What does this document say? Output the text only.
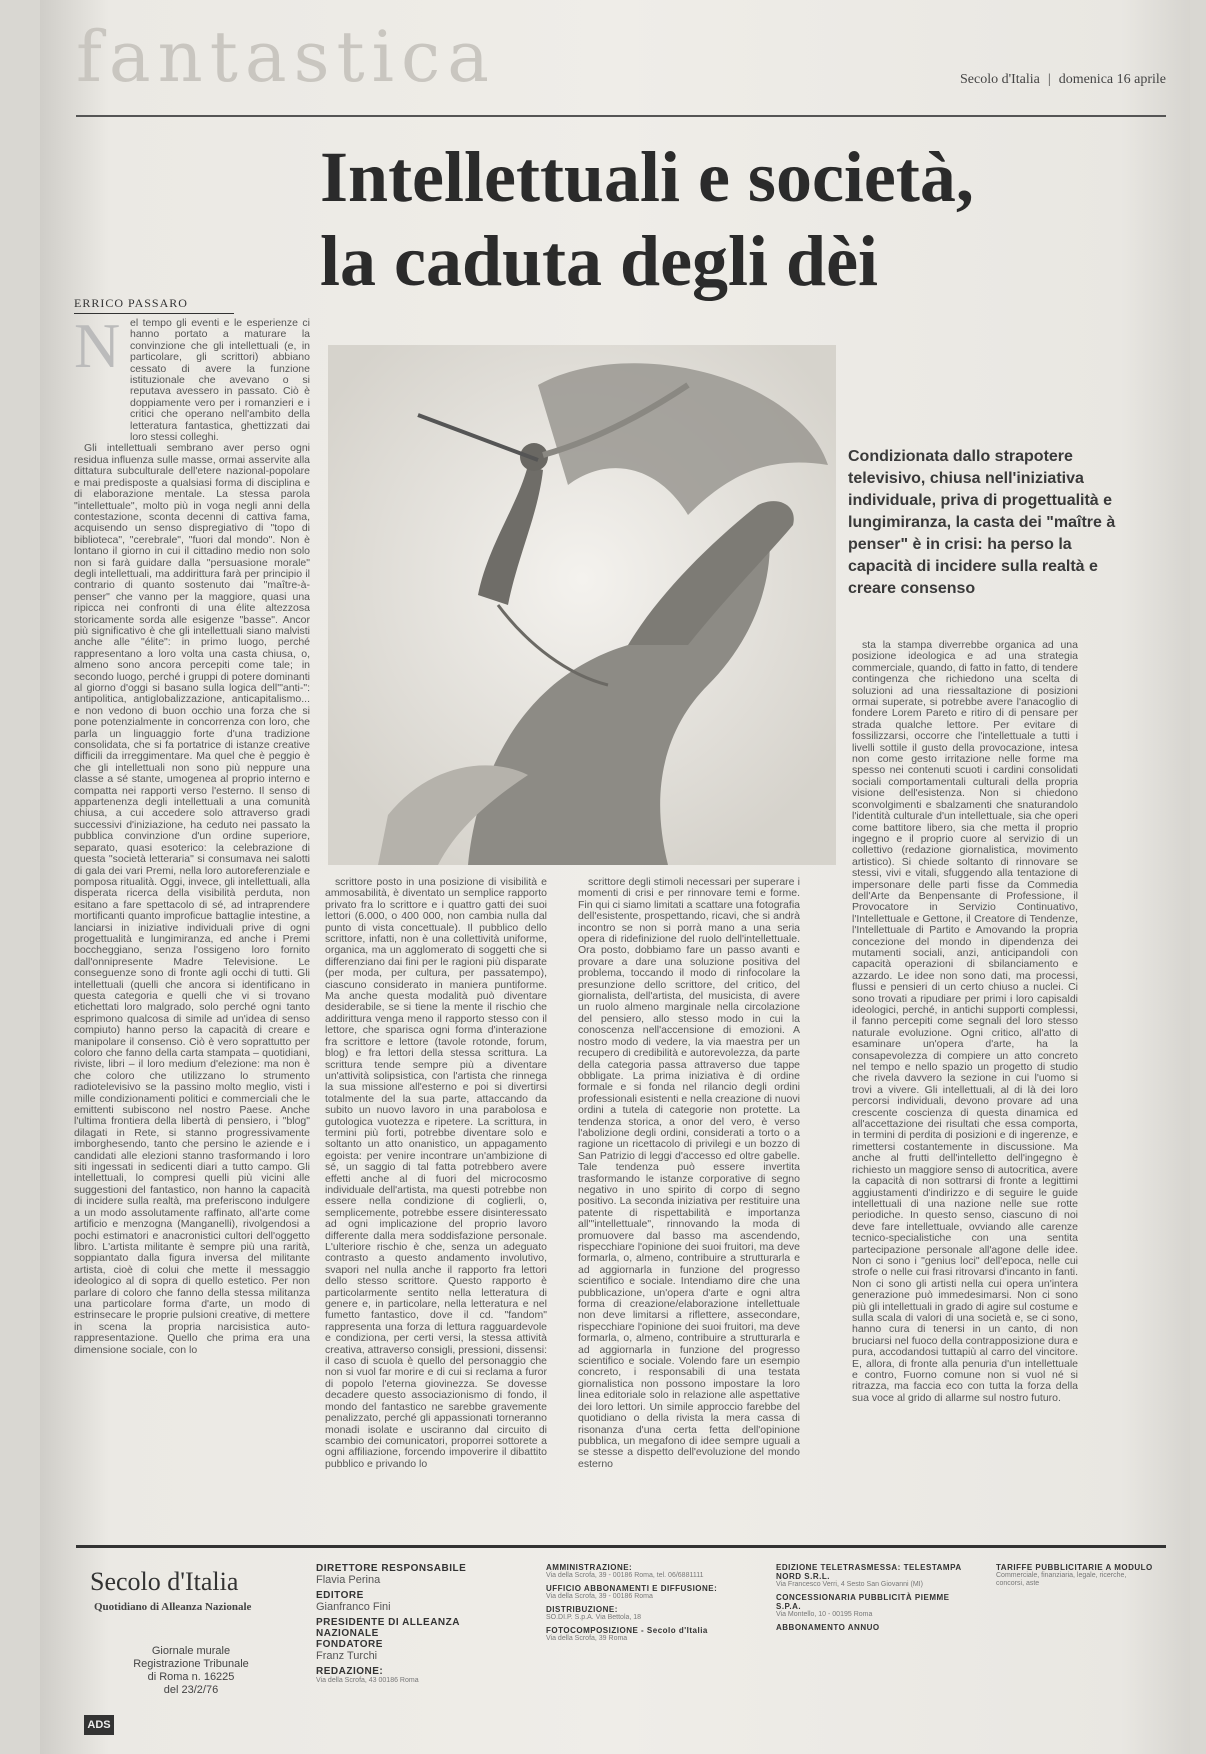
fantastica	Secolo d'Italia | domenica 16 aprile
Intellettuali e società,
la caduta degli dèi
ERRICO PASSARO
N el tempo gli eventi e le esperienze ci hanno portato a maturare la convinzione che gli intellettuali (e, in particolare, gli scrittori) abbiano cessato di avere la funzione istituzionale che avevano o si reputava avessero in passato. Ciò è doppiamente vero per i romanzieri e i critici che operano nell'ambito della letteratura fantastica, ghettizzati dai loro stessi colleghi.

Gli intellettuali sembrano aver perso ogni residua influenza sulle masse, ormai asservite alla dittatura subculturale dell'etere nazional-popolare e mai predisposte a qualsiasi forma di disciplina e di elaborazione mentale. La stessa parola "intellettuale", molto più in voga negli anni della contestazione, sconta decenni di cattiva fama, acquisendo un senso dispregiativo di "topo di biblioteca", "cerebrale", "fuori dal mondo". Non è lontano il giorno in cui il cittadino medio non solo non si farà guidare dalla "persuasione morale" degli intellettuali, ma addirittura farà per principio il contrario di quanto sostenuto dai "maître-à-penser" che vanno per la maggiore, quasi una ripicca nei confronti di una élite altezzosa storicamente sorda alle esigenze "basse". Ancor più significativo è che gli intellettuali siano malvisti anche alle "élite": in primo luogo, perché rappresentano a loro volta una casta chiusa, o, almeno sono ancora percepiti come tale; in secondo luogo, perché i gruppi di potere dominanti al giorno d'oggi si basano sulla logica dell'"anti-": antipolitica, antiglobalizzazione, anticapitalismo... e non vedono di buon occhio una forza che si pone potenzialmente in concorrenza con loro, che parla un linguaggio forte d'una tradizione consolidata, che si fa portatrice di istanze creative difficili da irreggimentare. Ma quel che è peggio è che gli intellettuali non sono più neppure una classe a sé stante, umogenea al proprio interno e compatta nei rapporti verso l'esterno. Il senso di appartenenza degli intellettuali a una comunità chiusa, a cui accedere solo attraverso gradi successivi d'iniziazione, ha ceduto nei passato la pubblica convinzione d'un ordine superiore, separato, quasi esoterico: la celebrazione di questa "società letteraria" si consumava nei salotti di gala dei vari Premi, nella loro autoreferenziale e pomposa ritualità. Oggi, invece, gli intellettuali, alla disperata ricerca della visibilità perduta, non esitano a fare spettacolo di sé, ad intraprendere mortificanti quanto improficue battaglie intestine, a lanciarsi in iniziative individuali prive di ogni progettualità e lungimiranza, ed anche i Premi boccheggiano, senza l'ossigeno loro fornito dall'onnipresente Madre Televisione. Le conseguenze sono di fronte agli occhi di tutti. Gli intellettuali (quelli che ancora si identificano in questa categoria e quelli che vi si trovano etichettati loro malgrado, solo perché ogni tanto esprimono qualcosa di simile ad un'idea di senso compiuto) hanno perso la capacità di creare e manipolare il consenso. Ciò è vero soprattutto per coloro che fanno della carta stampata – quotidiani, riviste, libri – il loro medium d'elezione: ma non è che coloro che utilizzano lo strumento radiotelevisivo se la passino molto meglio, visti i mille condizionamenti politici e commerciali che le emittenti subiscono nel nostro Paese. Anche l'ultima frontiera della libertà di pensiero, i "blog" dilagati in Rete, si stanno progressivamente imborghesendo, tanto che persino le aziende e i candidati alle elezioni stanno trasformando i loro siti ingessati in sedicenti diari a tutto campo. Gli intellettuali, lo compresi quelli più vicini alle suggestioni del fantastico, non hanno la capacità di incidere sulla realtà, ma preferiscono indulgere a un modo assolutamente raffinato, all'arte come artificio e menzogna (Manganelli), rivolgendosi a pochi estimatori e anacronistici cultori dell'oggetto libro. L'artista militante è sempre più una rarità, soppiantato dalla figura inversa del militante artista, cioè di colui che mette il messaggio ideologico al di sopra di quello estetico. Per non parlare di coloro che fanno della stessa militanza una particolare forma d'arte, un modo di estrinsecare le proprie pulsioni creative, di mettere in scena la propria narcisistica auto-rappresentazione. Quello che prima era una dimensione sociale, con lo

Condizionata dallo strapotere televisivo, chiusa nell'iniziativa individuale, priva di progettualità e lungimiranza, la casta dei "maître à penser" è in crisi: ha perso la capacità di incidere sulla realtà e creare consenso

scrittore posto in una posizione di visibilità e ammosabilità, è diventato un semplice rapporto privato fra lo scrittore e i quattro gatti dei suoi lettori (6.000, o 400 000, non cambia nulla dal punto di vista concettuale). Il pubblico dello scrittore, infatti, non è una collettività uniforme, organica, ma un agglomerato di soggetti che si differenziano dai fini per le ragioni più disparate (per moda, per cultura, per passatempo), ciascuno considerato in maniera puntiforme. Ma anche questa modalità può diventare desiderabile, se si tiene la mente il rischio che addirittura venga meno il rapporto stesso con il lettore, che sparisca ogni forma d'interazione fra scrittore e lettore (tavole rotonde, forum, blog) e fra lettori della stessa scrittura. La scrittura tende sempre più a diventare un'attività solipsistica, con l'artista che rinnega la sua missione all'esterno e poi si divertirsi totalmente del la sua parte, attaccando da subito un nuovo lavoro in una parabolosa e gutologica vuotezza e ripetere. La scrittura, in termini più forti, potrebbe diventare solo e soltanto un atto onanistico, un appagamento egoista: per venire incontrare un'ambizione di sé, un saggio di tal fatta potrebbero avere effetti anche al di fuori del microcosmo individuale dell'artista, ma questi potrebbe non essere nella condizione di coglierli, o, semplicemente, potrebbe essere disinteressato ad ogni implicazione del proprio lavoro differente dalla mera soddisfazione personale. L'ulteriore rischio è che, senza un adeguato contrasto a questo andamento involutivo, svapori nel nulla anche il rapporto fra lettori dello stesso scrittore. Questo rapporto è particolarmente sentito nella letteratura di genere e, in particolare, nella letteratura e nel fumetto fantastico, dove il cd. "fandom" rappresenta una forza di lettura ragguardevole e condiziona, per certi versi, la stessa attività creativa, attraverso consigli, pressioni, dissensi: il caso di scuola è quello del personaggio che non si vuol far morire e di cui si reclama a furor di popolo l'eterna giovinezza. Se dovesse decadere questo associazionismo di fondo, il mondo del fantastico ne sarebbe gravemente penalizzato, perché gli appassionati torneranno monadi isolate e usciranno dal circuito di scambio dei comunicatori, proporrei sottorete a ogni affiliazione, forcendo impoverire il dibattito pubblico e privando lo

scrittore degli stimoli necessari per superare i momenti di crisi e per rinnovare temi e forme. Fin qui ci siamo limitati a scattare una fotografia dell'esistente, prospettando, ricavi, che si andrà incontro se non si porrà mano a una seria opera di ridefinizione del ruolo dell'intellettuale. Ora posto, dobbiamo fare un passo avanti e provare a dare una soluzione positiva del problema, toccando il modo di rinfocolare la presunzione dello scrittore, del critico, del giornalista, dell'artista, del musicista, di avere un ruolo almeno marginale nella circolazione del pensiero, allo stesso modo in cui la conoscenza nell'accensione di emozioni. A nostro modo di vedere, la via maestra per un recupero di credibilità e autorevolezza, da parte della categoria passa attraverso due tappe obbligate. La prima iniziativa è di ordine formale e si fonda nel rilancio degli ordini professionali esistenti e nella creazione di nuovi ordini a tutela di categorie non protette. La tendenza storica, a onor del vero, è verso l'abolizione degli ordini, considerati a torto o a ragione un ricettacolo di privilegi e un bozzo di San Patrizio di leggi d'accesso ed oltre gabelle. Tale tendenza può essere invertita trasformando le istanze corporative di segno negativo in uno spirito di corpo di segno positivo. La seconda iniziativa per restituire una patente di rispettabilità e importanza all'"intellettuale", rinnovando la moda di promuovere dal basso ma ascendendo, rispecchiare l'opinione dei suoi fruitori, ma deve formarla, o, almeno, contribuire a strutturarla e ad aggiornarla in funzione del progresso scientifico e sociale. Intendiamo dire che una pubblicazione, un'opera d'arte e ogni altra forma di creazione/elaborazione intellettuale non deve limitarsi a riflettere, assecondare, rispecchiare l'opinione dei suoi fruitori, ma deve formarla, o, almeno, contribuire a strutturarla e ad aggiornarla in funzione del progresso scientifico e sociale. Volendo fare un esempio concreto, i responsabili di una testata giornalistica non possono impostare la loro linea editoriale solo in relazione alle aspettative dei loro lettori. Un simile approccio farebbe del quotidiano o della rivista la mera cassa di risonanza d'una certa fetta dell'opinione pubblica, un megafono di idee sempre uguali a se stesse a dispetto dell'evoluzione del mondo esterno

sta la stampa diverrebbe organica ad una posizione ideologica e ad una strategia commerciale, quando, di fatto in fatto, di tendere contingenza che richiedono una scelta di soluzioni ad una riessaltazione di posizioni ormai superate, si potrebbe avere l'anacoglio di fondere Lorem Pareto e ritiro di di pensare per strada qualche lettore. Per evitare di fossilizzarsi, occorre che l'intellettuale a tutti i livelli sottile il gusto della provocazione, intesa non come gesto irritazione nelle forme ma spesso nei contenuti scuoti i cardini consolidati sociali comportamentali culturali della propria visione dell'esistenza. Non si chiedono sconvolgimenti e sbalzamenti che snaturandolo l'identità culturale d'un intellettuale, sia che operi come battitore libero, sia che metta il proprio ingegno e il proprio cuore al servizio di un collettivo (redazione giornalistica, movimento artistico). Si chiede soltanto di rinnovare se stessi, vivi e vitali, sfuggendo alla tentazione di impersonare delle parti fisse da Commedia dell'Arte da Benpensante di Professione, il Provocatore in Servizio Continuativo, l'Intellettuale e Gettone, il Creatore di Tendenze, l'Intellettuale di Partito e Amovando la propria concezione del mondo in dipendenza dei mutamenti sociali, anzi, anticipandoli con capacità operazioni di sbilanciamento e azzardo. Le idee non sono dati, ma processi, flussi e pensieri di un certo chiuso a nuclei. Ci sono trovati a ripudiare per primi i loro capisaldi ideologici, perché, in antichi supporti complessi, il fanno percepiti come segnali del loro stesso naturale evoluzione. Ogni critico, all'atto di esaminare un'opera d'arte, ha la consapevolezza di compiere un atto concreto nel tempo e nello spazio un progetto di studio che rivela davvero la sezione in cui l'uomo si trovi a vivere. Gli intellettuali, al di là dei loro percorsi individuali, devono provare ad una crescente coscienza di questa dinamica ed all'accettazione dei risultati che essa comporta, in termini di perdita di posizioni e di ingerenze, e rimettersi costantemente in discussione. Ma anche al frutti dell'intelletto dell'ingegno è richiesto un maggiore senso di autocritica, avere la capacità di non sottrarsi di fronte a legittimi aggiustamenti d'indirizzo e di seguire le guide intellettuali di una nazione nelle sue rotte periodiche. In questo senso, ciascuno di noi deve fare intellettuale, ovviando alle carenze tecnico-specialistiche con una sentita partecipazione personale all'agone delle idee. Non ci sono i "genius loci" dell'epoca, nelle cui strofe o nelle cui frasi ritrovarsi d'incanto in fanti. Non ci sono gli artisti nella cui opera un'intera generazione può immedesimarsi. Non ci sono più gli intellettuali in grado di agire sul costume e sulla scala di valori di una società e, se ci sono, hanno cura di tenersi in un canto, di non bruciarsi nel fuoco della contrapposizione dura e pura, accodandosi tuttapiù al carro del vincitore. E, allora, di fronte alla penuria d'un intellettuale e contro, Fuorno comune non si vuol né si ritrazza, ma faccia eco con tutta la forza della sua voce al grido di allarme sul nostro futuro.

Secolo d'Italia
Quotidiano di Alleanza Nazionale
Giornale murale
Registrazione Tribunale
di Roma n. 16225
del 23/2/76
ADS
DIRETTORE RESPONSABILE
Flavia Perina
EDITORE
Gianfranco Fini
PRESIDENTE DI ALLEANZA NAZIONALE
FONDATORE
Franz Turchi
REDAZIONE:
Via della Scrofa, 43 00186 Roma
AMMINISTRAZIONE:
Via della Scrofa, 39 - 00186 Roma, tel. 06/6881111
UFFICIO ABBONAMENTI E DIFFUSIONE:
Via della Scrofa, 39 - 00186 Roma
DISTRIBUZIONE:
SO.DI.P. S.p.A. Via Bettola, 18
FOTOCOMPOSIZIONE - Secolo d'Italia
Via della Scrofa, 39 Roma
EDIZIONE TELETRASMESSA: TELESTAMPA NORD S.R.L.
Via Francesco Verri, 4 Sesto San Giovanni (MI)
CONCESSIONARIA PUBBLICITÀ PIEMME S.P.A.
Via Montello, 10 - 00195 Roma
ABBONAMENTO ANNUO
TARIFFE PUBBLICITARIE A MODULO
Commerciale, finanziaria, legale, ricerche, concorsi, aste
